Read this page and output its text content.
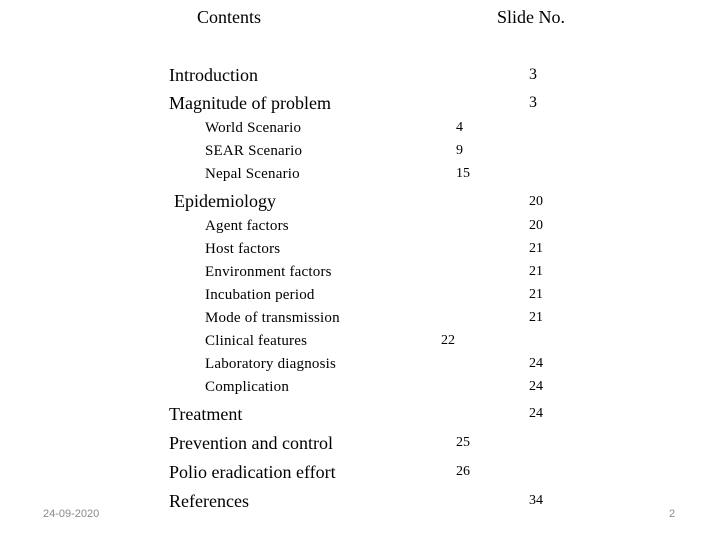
Contents	Slide No.
Introduction	3
Magnitude of problem	3
World Scenario	4
SEAR Scenario	9
Nepal Scenario	15
Epidemiology	20
Agent factors	20
Host factors	21
Environment factors	21
Incubation period	21
Mode of transmission	21
Clinical features	22
Laboratory diagnosis	24
Complication	24
Treatment	24
Prevention and control	25
Polio eradication effort	26
References	34
24-09-2020	2
